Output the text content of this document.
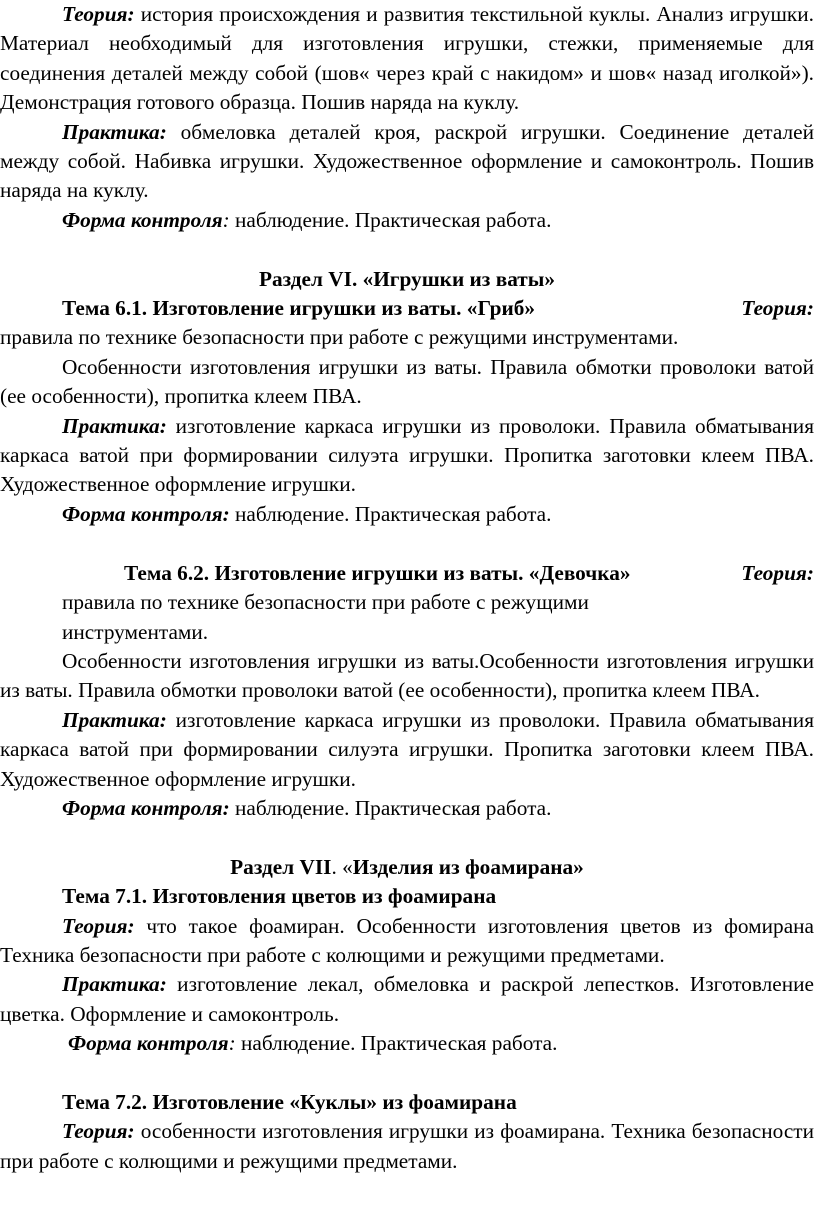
Теория: история происхождения и развития текстильной куклы. Анализ игрушки. Материал необходимый для изготовления игрушки, стежки, применяемые для соединения деталей между собой (шов« через край с накидом» и шов« назад иголкой»). Демонстрация готового образца. Пошив наряда на куклу.

Практика: обмеловка деталей кроя, раскрой игрушки. Соединение деталей между собой. Набивка игрушки. Художественное оформление и самоконтроль. Пошив наряда на куклу.

Форма контроля: наблюдение. Практическая работа.

Раздел VI. «Игрушки из ваты»

Тема 6.1. Изготовление игрушки из ваты. «Гриб»	Теория:

правила по технике безопасности при работе с режущими инструментами.

Особенности изготовления игрушки из ваты. Правила обмотки проволоки ватой (ее особенности), пропитка клеем ПВА.

Практика: изготовление каркаса игрушки из проволоки. Правила обматывания каркаса ватой при формировании силуэта игрушки. Пропитка заготовки клеем ПВА. Художественное оформление игрушки.

Форма контроля: наблюдение. Практическая работа.

Тема 6.2. Изготовление игрушки из ваты. «Девочка»	Теория:

правила по технике безопасности при работе с режущими инструментами.

Особенности изготовления игрушки из ваты.Особенности изготовления игрушки из ваты. Правила обмотки проволоки ватой (ее особенности), пропитка клеем ПВА.

Практика: изготовление каркаса игрушки из проволоки. Правила обматывания каркаса ватой при формировании силуэта игрушки. Пропитка заготовки клеем ПВА. Художественное оформление игрушки.

Форма контроля: наблюдение. Практическая работа.

Раздел VII. «Изделия из фоамирана»

Тема 7.1. Изготовления цветов из фоамирана

Теория: что такое фоамиран. Особенности изготовления цветов из фомирана Техника безопасности при работе с колющими и режущими предметами.

Практика: изготовление лекал, обмеловка и раскрой лепестков. Изготовление цветка. Оформление и самоконтроль.

Форма контроля: наблюдение. Практическая работа.

Тема 7.2. Изготовление «Куклы» из фоамирана

Теория: особенности изготовления игрушки из фоамирана. Техника безопасности при работе с колющими и режущими предметами.
